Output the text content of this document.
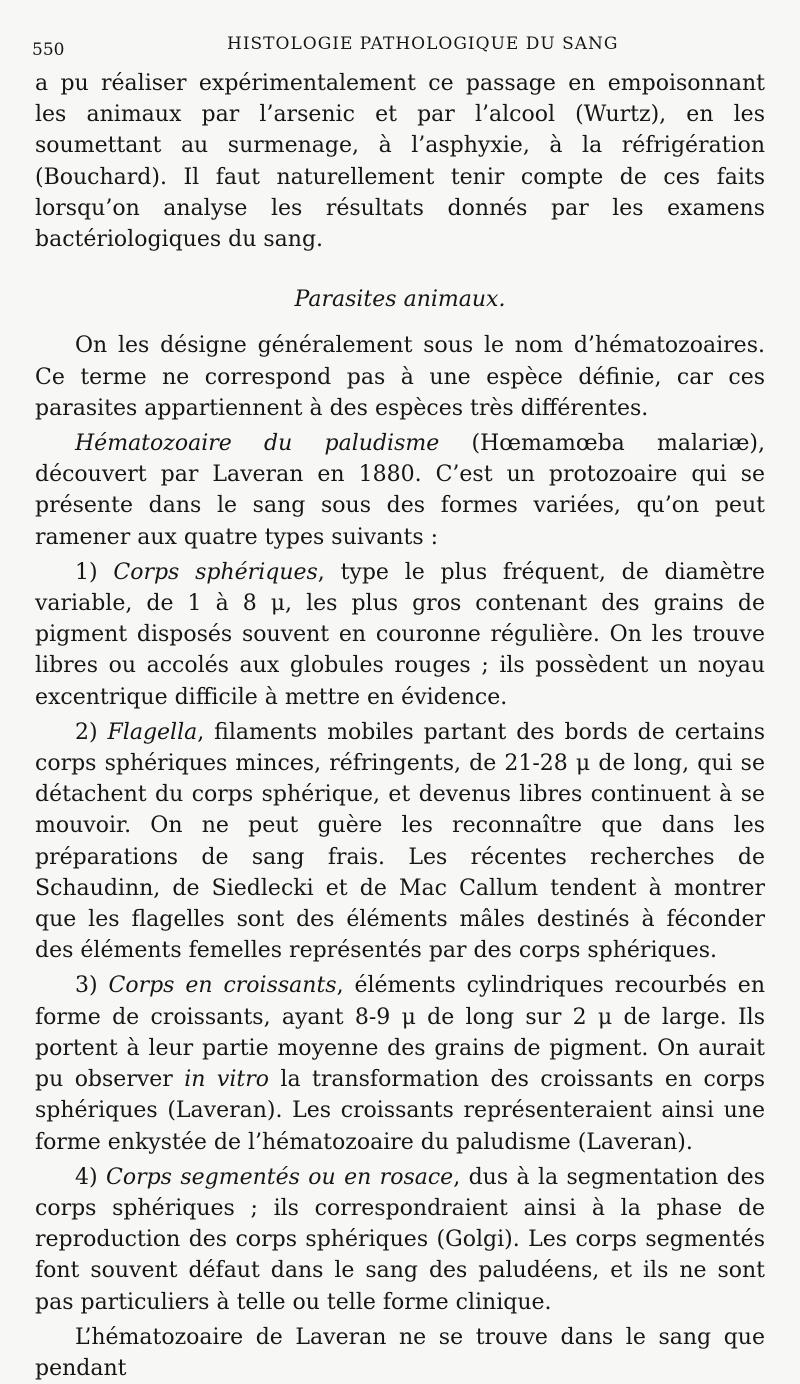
550	HISTOLOGIE PATHOLOGIQUE DU SANG

a pu réaliser expérimentalement ce passage en empoisonnant les animaux par l’arsenic et par l’alcool (Wurtz), en les soumettant au surmenage, à l’asphyxie, à la réfrigération (Bouchard). Il faut naturellement tenir compte de ces faits lorsqu’on analyse les résultats donnés par les examens bactériologiques du sang.

Parasites animaux.

On les désigne généralement sous le nom d’hématozoaires. Ce terme ne correspond pas à une espèce définie, car ces parasites appartiennent à des espèces très différentes.

Hématozoaire du paludisme (Hœmamœba malariæ), découvert par Laveran en 1880. C’est un protozoaire qui se présente dans le sang sous des formes variées, qu’on peut ramener aux quatre types suivants :

1) Corps sphériques, type le plus fréquent, de diamètre variable, de 1 à 8 μ, les plus gros contenant des grains de pigment disposés souvent en couronne régulière. On les trouve libres ou accolés aux globules rouges ; ils possèdent un noyau excentrique difficile à mettre en évidence.

2) Flagella, filaments mobiles partant des bords de certains corps sphériques minces, réfringents, de 21-28 μ de long, qui se détachent du corps sphérique, et devenus libres continuent à se mouvoir. On ne peut guère les reconnaître que dans les préparations de sang frais. Les récentes recherches de Schaudinn, de Siedlecki et de Mac Callum tendent à montrer que les flagelles sont des éléments mâles destinés à féconder des éléments femelles représentés par des corps sphériques.

3) Corps en croissants, éléments cylindriques recourbés en forme de croissants, ayant 8-9 μ de long sur 2 μ de large. Ils portent à leur partie moyenne des grains de pigment. On aurait pu observer in vitro la transformation des croissants en corps sphériques (Laveran). Les croissants représenteraient ainsi une forme enkystée de l’hématozoaire du paludisme (Laveran).

4) Corps segmentés ou en rosace, dus à la segmentation des corps sphériques ; ils correspondraient ainsi à la phase de reproduction des corps sphériques (Golgi). Les corps segmentés font souvent défaut dans le sang des paludéens, et ils ne sont pas particuliers à telle ou telle forme clinique.

L’hématozoaire de Laveran ne se trouve dans le sang que pendant
